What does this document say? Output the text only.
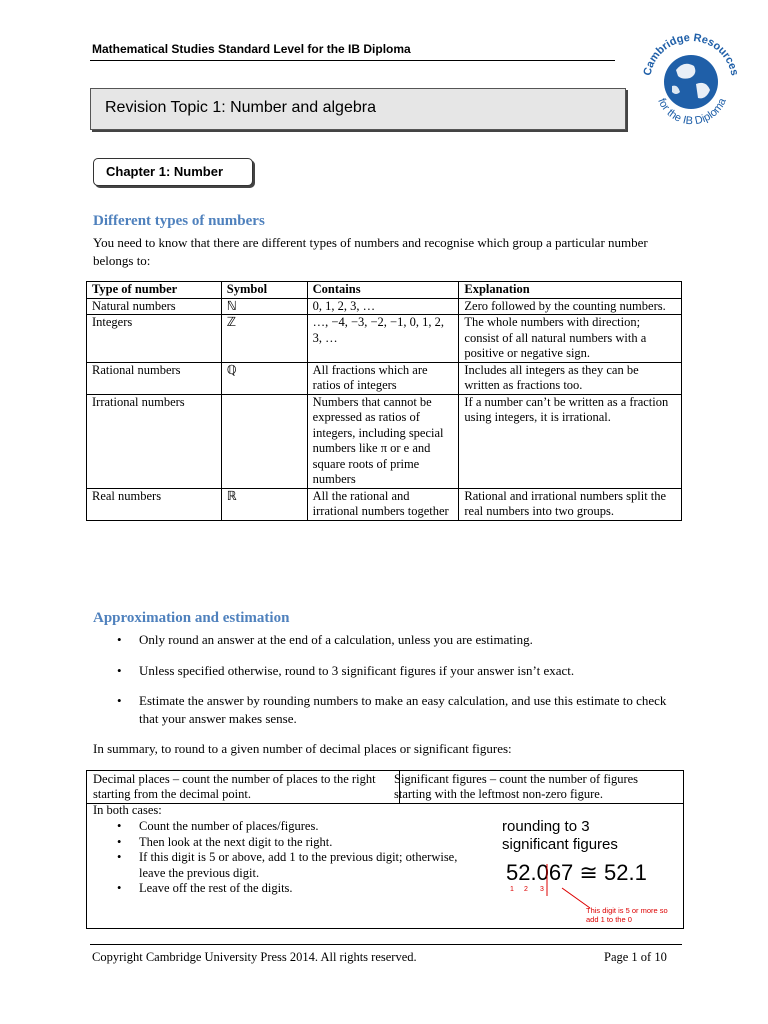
Mathematical Studies Standard Level for the IB Diploma
Cambridge Resources
for the IB Diploma
Revision Topic 1: Number and algebra
Chapter 1: Number
Different types of numbers
You need to know that there are different types of numbers and recognise which group a particular number belongs to:
Type of number	Symbol	Contains	Explanation
Natural numbers	ℕ	0, 1, 2, 3, …	Zero followed by the counting numbers.
Integers	ℤ	…, −4, −3, −2, −1, 0, 1, 2, 3, …	The whole numbers with direction; consist of all natural numbers with a positive or negative sign.
Rational numbers	ℚ	All fractions which are ratios of integers	Includes all integers as they can be written as fractions too.
Irrational numbers		Numbers that cannot be expressed as ratios of integers, including special numbers like π or e and square roots of prime numbers	If a number can’t be written as a fraction using integers, it is irrational.
Real numbers	ℝ	All the rational and irrational numbers together	Rational and irrational numbers split the real numbers into two groups.
Approximation and estimation
• Only round an answer at the end of a calculation, unless you are estimating.
• Unless specified otherwise, round to 3 significant figures if your answer isn’t exact.
• Estimate the answer by rounding numbers to make an easy calculation, and use this estimate to check that your answer makes sense.
In summary, to round to a given number of decimal places or significant figures:
Decimal places – count the number of places to the right starting from the decimal point.
Significant figures – count the number of figures starting with the leftmost non-zero figure.
In both cases:
• Count the number of places/figures.
• Then look at the next digit to the right.
• If this digit is 5 or above, add 1 to the previous digit; otherwise, leave the previous digit.
• Leave off the rest of the digits.
rounding to 3
significant figures
52.067 ≅ 52.1
1 2 3
This digit is 5 or more so add 1 to the 0
Copyright Cambridge University Press 2014. All rights reserved.	Page 1 of 10
